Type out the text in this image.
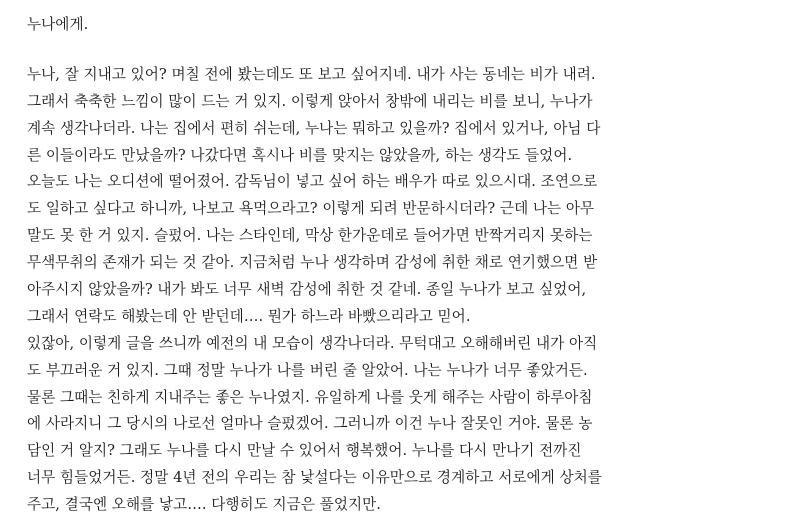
누나에게.

누나, 잘 지내고 있어? 며칠 전에 봤는데도 또 보고 싶어지네. 내가 사는 동네는 비가 내려.

그래서 축축한 느낌이 많이 드는 거 있지. 이렇게 앉아서 창밖에 내리는 비를 보니, 누나가

계속 생각나더라. 나는 집에서 편히 쉬는데, 누나는 뭐하고 있을까? 집에서 있거나, 아님 다

른 이들이라도 만났을까? 나갔다면 혹시나 비를 맞지는 않았을까, 하는 생각도 들었어.

오늘도 나는 오디션에 떨어졌어. 감독님이 넣고 싶어 하는 배우가 따로 있으시대. 조연으로

도 일하고 싶다고 하니까, 나보고 욕먹으라고? 이렇게 되려 반문하시더라? 근데 나는 아무

말도 못 한 거 있지. 슬펐어. 나는 스타인데, 막상 한가운데로 들어가면 반짝거리지 못하는

무색무취의 존재가 되는 것 같아. 지금처럼 누나 생각하며 감성에 취한 채로 연기했으면 받

아주시지 않았을까? 내가 봐도 너무 새벽 감성에 취한 것 같네. 종일 누나가 보고 싶었어,

그래서 연락도 해봤는데 안 받던데…. 뭔가 하느라 바빴으리라고 믿어.

있잖아, 이렇게 글을 쓰니까 예전의 내 모습이 생각나더라. 무턱대고 오해해버린 내가 아직

도 부끄러운 거 있지. 그때 정말 누나가 나를 버린 줄 알았어. 나는 누나가 너무 좋았거든.

물론 그때는 친하게 지내주는 좋은 누나였지. 유일하게 나를 웃게 해주는 사람이 하루아침

에 사라지니 그 당시의 나로선 얼마나 슬펐겠어. 그러니까 이건 누나 잘못인 거야. 물론 농

담인 거 알지? 그래도 누나를 다시 만날 수 있어서 행복했어. 누나를 다시 만나기 전까진

너무 힘들었거든. 정말 4년 전의 우리는 참 낯설다는 이유만으로 경계하고 서로에게 상처를

주고, 결국엔 오해를 낳고…. 다행히도 지금은 풀었지만.
